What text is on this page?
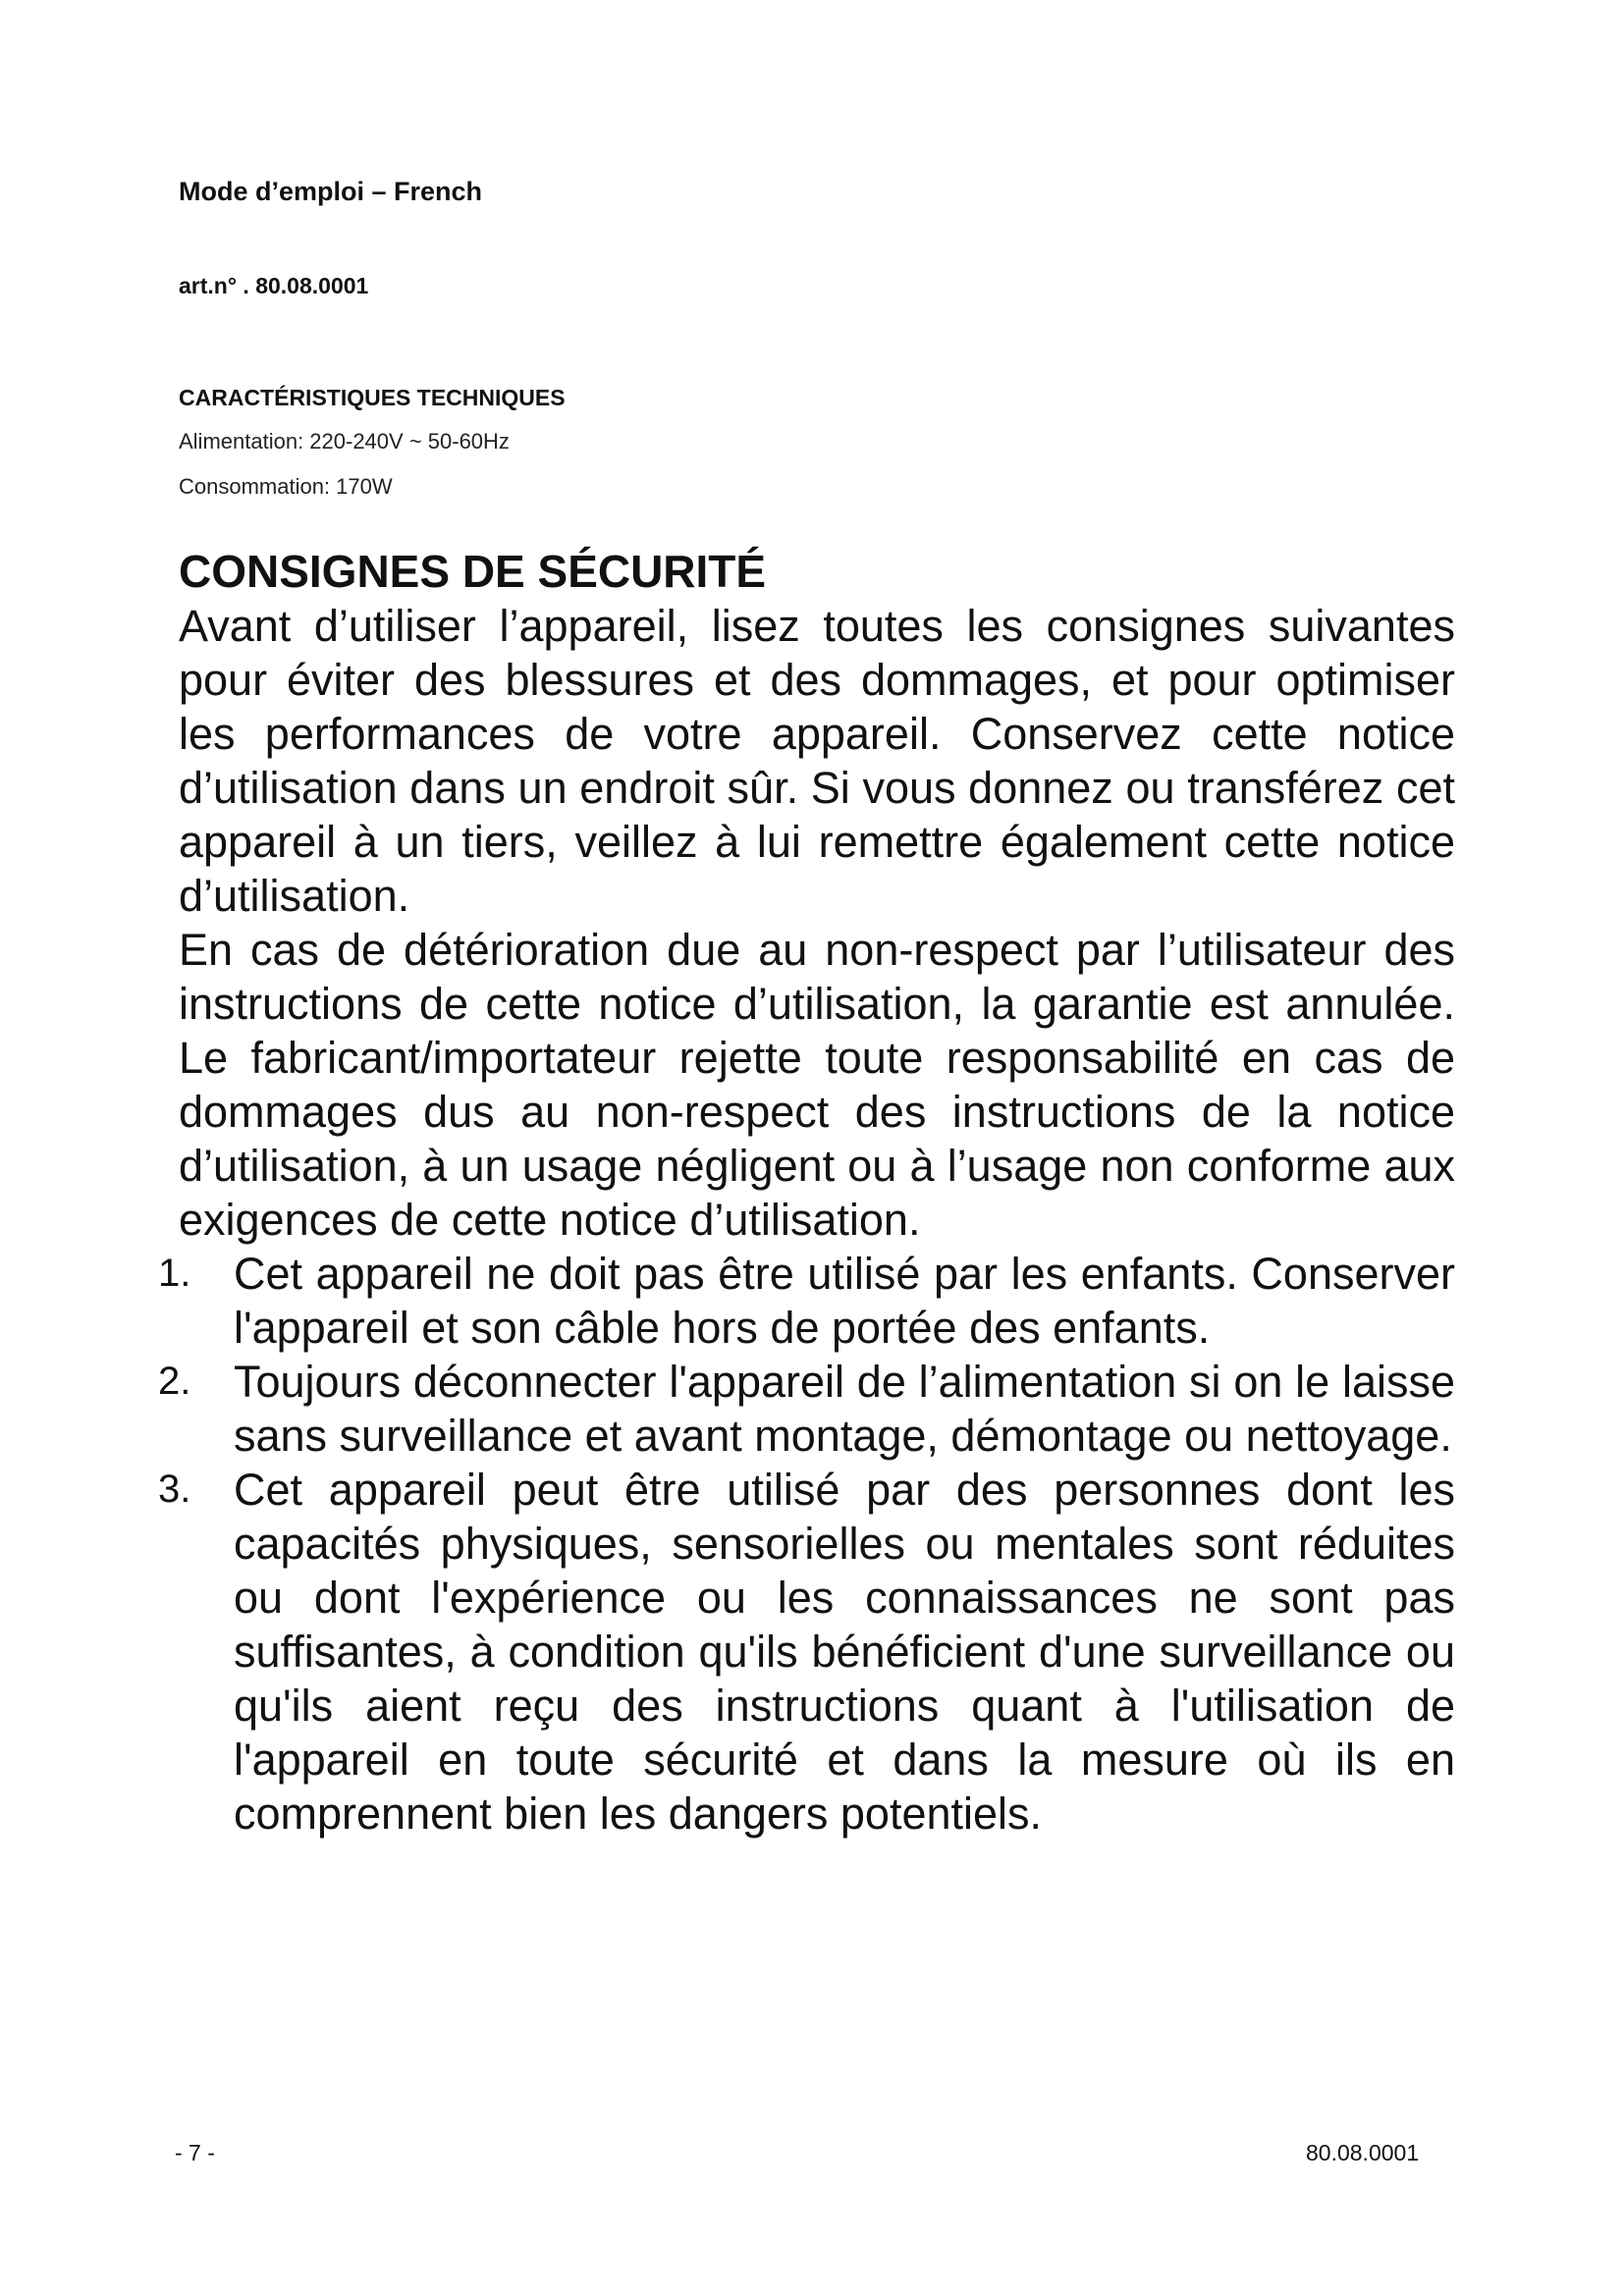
Mode d’emploi – French
art.n° . 80.08.0001

CARACTÉRISTIQUES TECHNIQUES

Alimentation: 220-240V ~ 50-60Hz

Consommation: 170W

CONSIGNES DE SÉCURITÉ

Avant d’utiliser l’appareil, lisez toutes les consignes suivantes pour éviter des blessures et des dommages, et pour optimiser les performances de votre appareil. Conservez cette notice d’utilisation dans un endroit sûr. Si vous donnez ou transférez cet appareil à un tiers, veillez à lui remettre également cette notice d’utilisation.

En cas de détérioration due au non-respect par l’utilisateur des instructions de cette notice d’utilisation, la garantie est annulée. Le fabricant/importateur rejette toute responsabilité en cas de dommages dus au non-respect des instructions de la notice d’utilisation, à un usage négligent ou à l’usage non conforme aux exigences de cette notice d’utilisation.

1. Cet appareil ne doit pas être utilisé par les enfants. Conserver l'appareil et son câble hors de portée des enfants.
2. Toujours déconnecter l'appareil de l’alimentation si on le laisse sans surveillance et avant montage, démontage ou nettoyage.
3. Cet appareil peut être utilisé par des personnes dont les capacités physiques, sensorielles ou mentales sont réduites ou dont l'expérience ou les connaissances ne sont pas suffisantes, à condition qu'ils bénéficient d'une surveillance ou qu'ils aient reçu des instructions quant à l'utilisation de l'appareil en toute sécurité et dans la mesure où ils en comprennent bien les dangers potentiels.
- 7 -	80.08.0001
